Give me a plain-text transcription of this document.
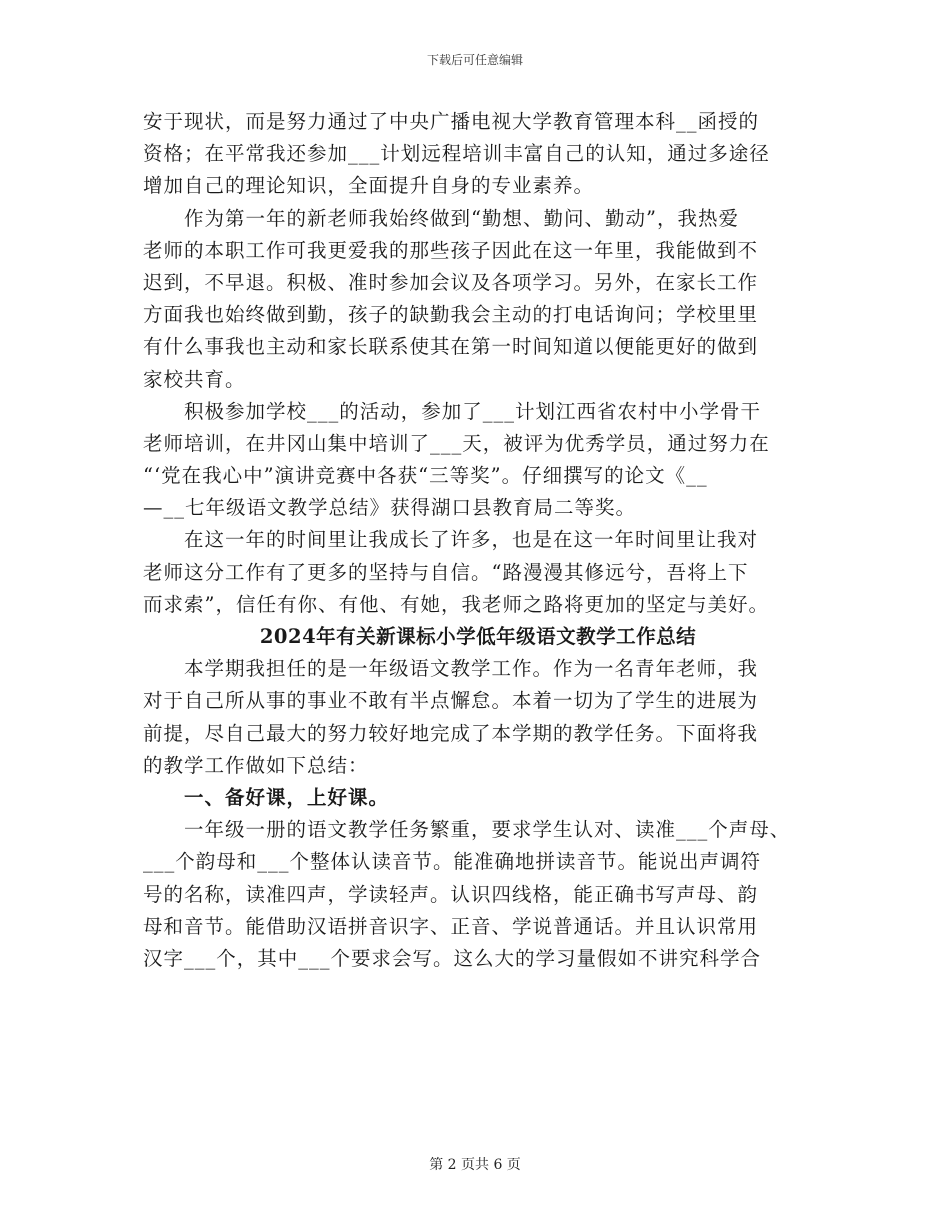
下载后可任意编辑
安于现状，而是努力通过了中央广播电视大学教育管理本科__函授的
资格；在平常我还参加___计划远程培训丰富自己的认知，通过多途径
增加自己的理论知识，全面提升自身的专业素养。
作为第一年的新老师我始终做到“勤想、勤问、勤动”，我热爱
老师的本职工作可我更爱我的那些孩子因此在这一年里，我能做到不
迟到，不早退。积极、准时参加会议及各项学习。另外，在家长工作
方面我也始终做到勤，孩子的缺勤我会主动的打电话询问；学校里里
有什么事我也主动和家长联系使其在第一时间知道以便能更好的做到
家校共育。
积极参加学校___的活动，参加了___计划江西省农村中小学骨干
老师培训，在井冈山集中培训了___天，被评为优秀学员，通过努力在
“‘党在我心中”演讲竞赛中各获“三等奖”。仔细撰写的论文《__
—__七年级语文教学总结》获得湖口县教育局二等奖。
在这一年的时间里让我成长了许多，也是在这一年时间里让我对
老师这分工作有了更多的坚持与自信。“路漫漫其修远兮，吾将上下
而求索”，信任有你、有他、有她，我老师之路将更加的坚定与美好。
2024年有关新课标小学低年级语文教学工作总结
本学期我担任的是一年级语文教学工作。作为一名青年老师，我
对于自己所从事的事业不敢有半点懈怠。本着一切为了学生的进展为
前提，尽自己最大的努力较好地完成了本学期的教学任务。下面将我
的教学工作做如下总结：
一、备好课，上好课。
一年级一册的语文教学任务繁重，要求学生认对、读准___个声母、
___个韵母和___个整体认读音节。能准确地拼读音节。能说出声调符
号的名称，读准四声，学读轻声。认识四线格，能正确书写声母、韵
母和音节。能借助汉语拼音识字、正音、学说普通话。并且认识常用
汉字___个，其中___个要求会写。这么大的学习量假如不讲究科学合
第 2 页共 6 页
